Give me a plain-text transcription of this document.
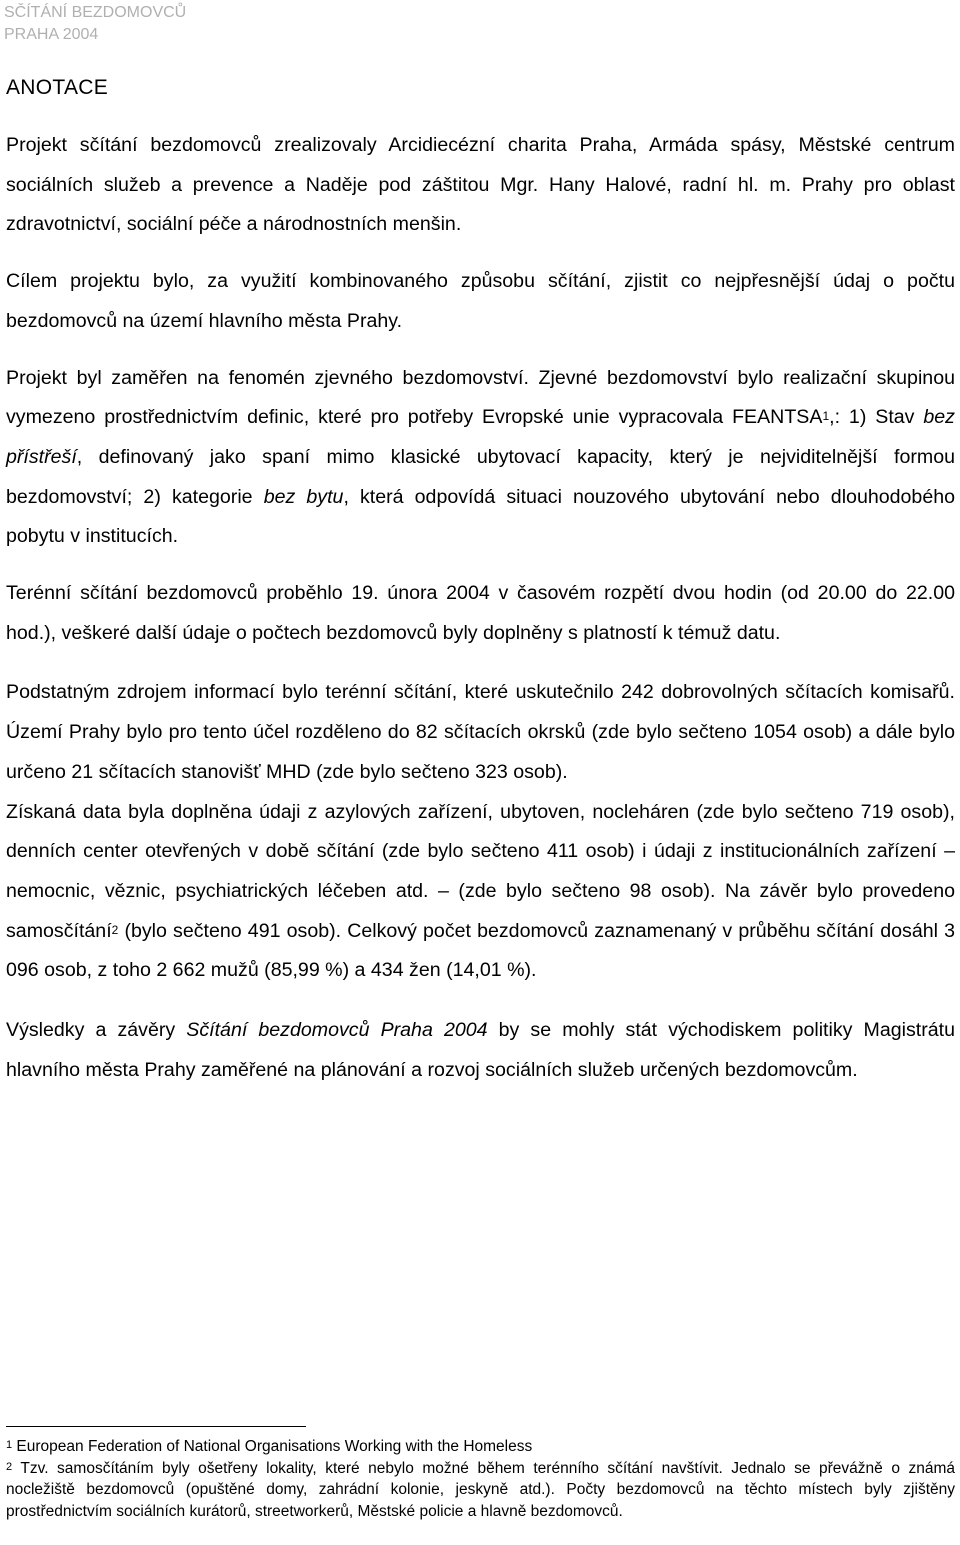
SČÍTÁNÍ BEZDOMOVCŮ
PRAHA 2004
ANOTACE

Projekt sčítání bezdomovců zrealizovaly Arcidiecézní charita Praha, Armáda spásy, Městské centrum sociálních služeb a prevence a Naděje pod záštitou Mgr. Hany Halové, radní hl. m. Prahy pro oblast zdravotnictví, sociální péče a národnostních menšin.

Cílem projektu bylo, za využití kombinovaného způsobu sčítání, zjistit co nejpřesnější údaj o počtu bezdomovců na území hlavního města Prahy.

Projekt byl zaměřen na fenomén zjevného bezdomovství. Zjevné bezdomovství bylo realizační skupinou vymezeno prostřednictvím definic, které pro potřeby Evropské unie vypracovala FEANTSA$^1$,: 1) Stav bez přístřeší, definovaný jako spaní mimo klasické ubytovací kapacity, který je nejviditelnější formou bezdomovství; 2) kategorie bez bytu, která odpovídá situaci nouzového ubytování nebo dlouhodobého pobytu v institucích.

Terénní sčítání bezdomovců proběhlo 19. února 2004 v časovém rozpětí dvou hodin (od 20.00 do 22.00 hod.), veškeré další údaje o počtech bezdomovců byly doplněny s platností k témuž datu.

Podstatným zdrojem informací bylo terénní sčítání, které uskutečnilo 242 dobrovolných sčítacích komisařů. Území Prahy bylo pro tento účel rozděleno do 82 sčítacích okrsků (zde bylo sečteno 1054 osob) a dále bylo určeno 21 sčítacích stanovišť MHD (zde bylo sečteno 323 osob).

Získaná data byla doplněna údaji z azylových zařízení, ubytoven, nocleháren (zde bylo sečteno 719 osob), denních center otevřených v době sčítání (zde bylo sečteno 411 osob) i údaji z institucionálních zařízení – nemocnic, věznic, psychiatrických léčeben atd. – (zde bylo sečteno 98 osob). Na závěr bylo provedeno samosčítání$^2$ (bylo sečteno 491 osob). Celkový počet bezdomovců zaznamenaný v průběhu sčítání dosáhl 3 096 osob, z toho 2 662 mužů (85,99 %) a 434 žen (14,01 %).

Výsledky a závěry Sčítání bezdomovců Praha 2004 by se mohly stát východiskem politiky Magistrátu hlavního města Prahy zaměřené na plánování a rozvoj sociálních služeb určených bezdomovcům.

$^1$ European Federation of National Organisations Working with the Homeless

$^2$ Tzv. samosčítáním byly ošetřeny lokality, které nebylo možné během terénního sčítání navštívit. Jednalo se převážně o známá nocležiště bezdomovců (opuštěné domy, zahrádní kolonie, jeskyně atd.). Počty bezdomovců na těchto místech byly zjištěny prostřednictvím sociálních kurátorů, streetworkerů, Městské policie a hlavně bezdomovců.
